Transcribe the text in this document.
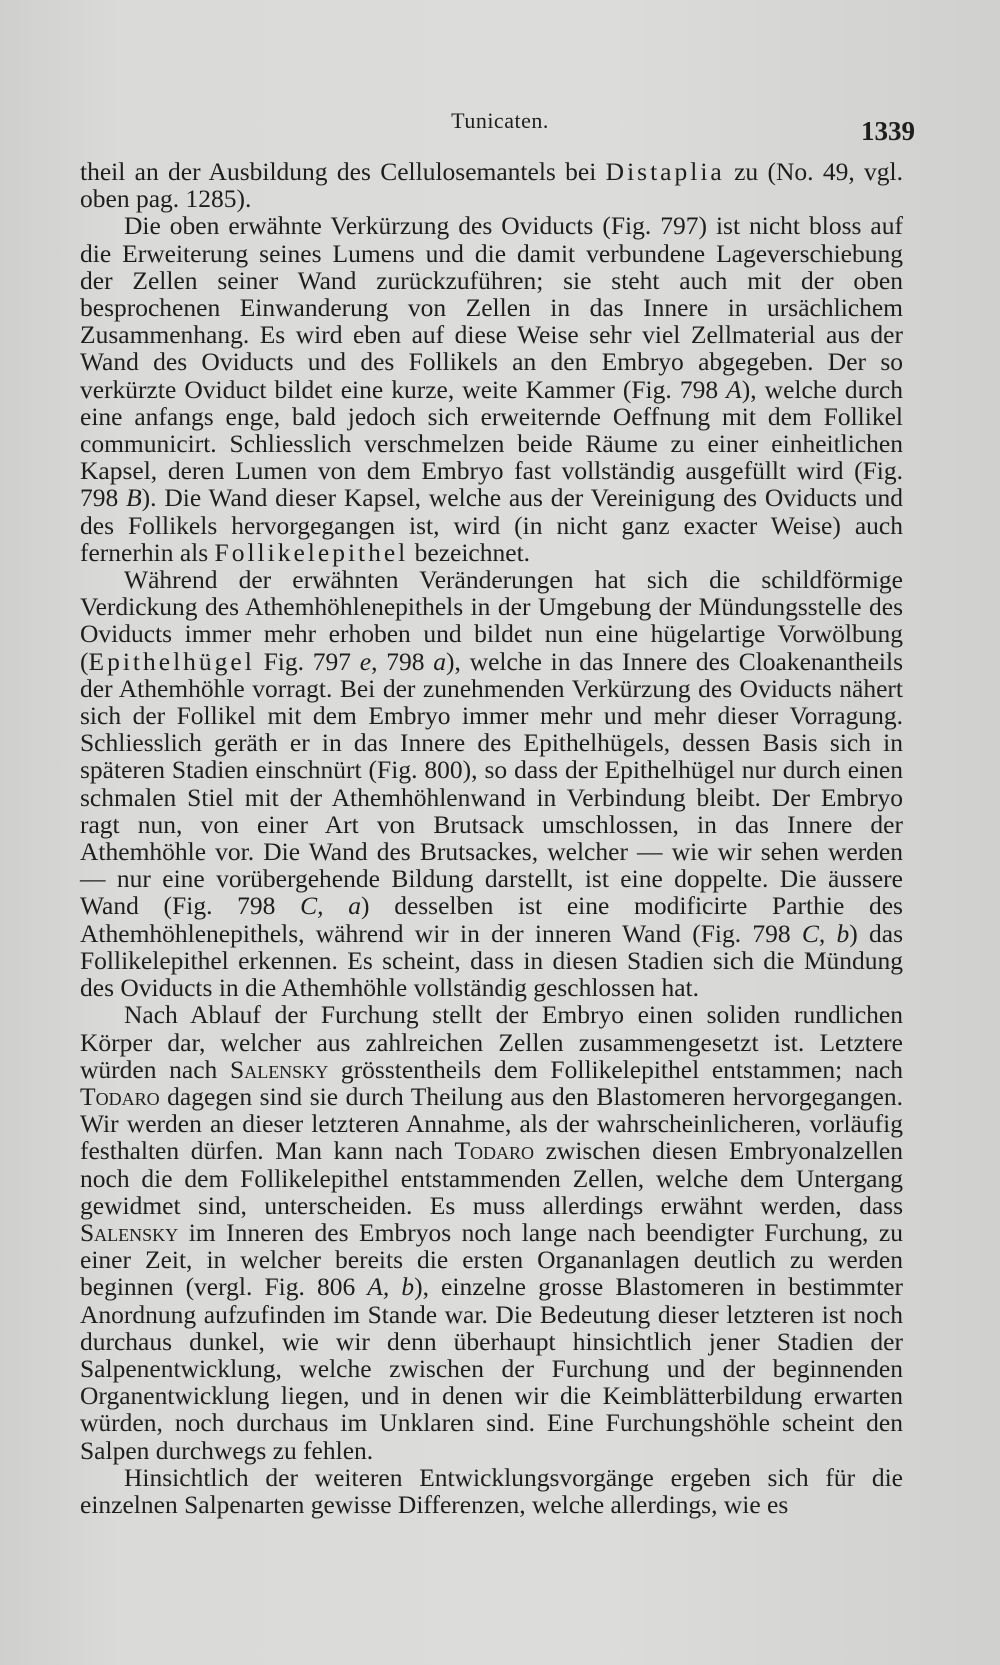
Tunicaten.	1339

theil an der Ausbildung des Cellulosemantels bei Distaplia zu (No. 49, vgl. oben pag. 1285).

Die oben erwähnte Verkürzung des Oviducts (Fig. 797) ist nicht bloss auf die Erweiterung seines Lumens und die damit verbundene Lageverschiebung der Zellen seiner Wand zurückzuführen; sie steht auch mit der oben besprochenen Einwanderung von Zellen in das Innere in ursächlichem Zusammenhang. Es wird eben auf diese Weise sehr viel Zellmaterial aus der Wand des Oviducts und des Follikels an den Embryo abgegeben. Der so verkürzte Oviduct bildet eine kurze, weite Kammer (Fig. 798 A), welche durch eine anfangs enge, bald jedoch sich erweiternde Oeffnung mit dem Follikel communicirt. Schliesslich verschmelzen beide Räume zu einer einheitlichen Kapsel, deren Lumen von dem Embryo fast vollständig ausgefüllt wird (Fig. 798 B). Die Wand dieser Kapsel, welche aus der Vereinigung des Oviducts und des Follikels hervorgegangen ist, wird (in nicht ganz exacter Weise) auch fernerhin als Follikelepithel bezeichnet.

Während der erwähnten Veränderungen hat sich die schildförmige Verdickung des Athemhöhlenepithels in der Umgebung der Mündungsstelle des Oviducts immer mehr erhoben und bildet nun eine hügelartige Vorwölbung (Epithelhügel Fig. 797 e, 798 a), welche in das Innere des Cloakenantheils der Athemhöhle vorragt. Bei der zunehmenden Verkürzung des Oviducts nähert sich der Follikel mit dem Embryo immer mehr und mehr dieser Vorragung. Schliesslich geräth er in das Innere des Epithelhügels, dessen Basis sich in späteren Stadien einschnürt (Fig. 800), so dass der Epithelhügel nur durch einen schmalen Stiel mit der Athemhöhlenwand in Verbindung bleibt. Der Embryo ragt nun, von einer Art von Brutsack umschlossen, in das Innere der Athemhöhle vor. Die Wand des Brutsackes, welcher — wie wir sehen werden — nur eine vorübergehende Bildung darstellt, ist eine doppelte. Die äussere Wand (Fig. 798 C, a) desselben ist eine modificirte Parthie des Athemhöhlenepithels, während wir in der inneren Wand (Fig. 798 C, b) das Follikelepithel erkennen. Es scheint, dass in diesen Stadien sich die Mündung des Oviducts in die Athemhöhle vollständig geschlossen hat.

Nach Ablauf der Furchung stellt der Embryo einen soliden rundlichen Körper dar, welcher aus zahlreichen Zellen zusammengesetzt ist. Letztere würden nach Salensky grösstentheils dem Follikelepithel entstammen; nach Todaro dagegen sind sie durch Theilung aus den Blastomeren hervorgegangen. Wir werden an dieser letzteren Annahme, als der wahrscheinlicheren, vorläufig festhalten dürfen. Man kann nach Todaro zwischen diesen Embryonalzellen noch die dem Follikelepithel entstammenden Zellen, welche dem Untergang gewidmet sind, unterscheiden. Es muss allerdings erwähnt werden, dass Salensky im Inneren des Embryos noch lange nach beendigter Furchung, zu einer Zeit, in welcher bereits die ersten Organanlagen deutlich zu werden beginnen (vergl. Fig. 806 A, b), einzelne grosse Blastomeren in bestimmter Anordnung aufzufinden im Stande war. Die Bedeutung dieser letzteren ist noch durchaus dunkel, wie wir denn überhaupt hinsichtlich jener Stadien der Salpenentwicklung, welche zwischen der Furchung und der beginnenden Organentwicklung liegen, und in denen wir die Keimblätterbildung erwarten würden, noch durchaus im Unklaren sind. Eine Furchungshöhle scheint den Salpen durchwegs zu fehlen.

Hinsichtlich der weiteren Entwicklungsvorgänge ergeben sich für die einzelnen Salpenarten gewisse Differenzen, welche allerdings, wie es
